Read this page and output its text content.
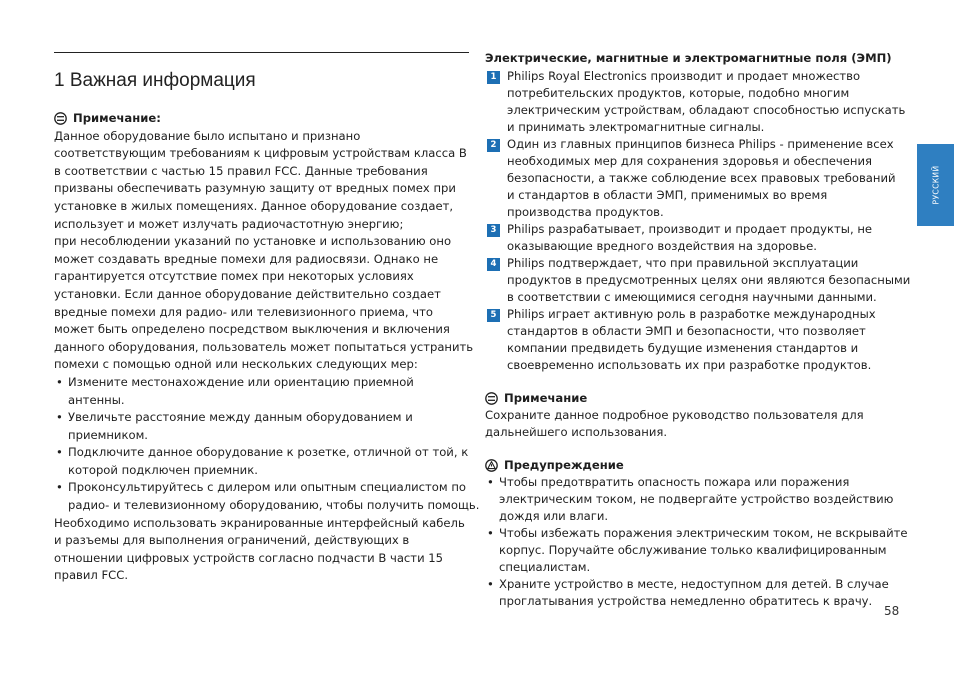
1 Важная информация
Примечание:
Данное оборудование было испытано и признано
соответствующим требованиям к цифровым устройствам класса B
в соответствии с частью 15 правил FCC. Данные требования
призваны обеспечивать разумную защиту от вредных помех при
установке в жилых помещениях. Данное оборудование создает,
использует и может излучать радиочастотную энергию;
при несоблюдении указаний по установке и использованию оно
может создавать вредные помехи для радиосвязи. Однако не
гарантируется отсутствие помех при некоторых условиях
установки. Если данное оборудование действительно создает
вредные помехи для радио- или телевизионного приема, что
может быть определено посредством выключения и включения
данного оборудования, пользователь может попытаться устранить
помехи с помощью одной или нескольких следующих мер:
• Измените местонахождение или ориентацию приемной
антенны.
• Увеличьте расстояние между данным оборудованием и
приемником.
• Подключите данное оборудование к розетке, отличной от той, к
которой подключен приемник.
• Проконсультируйтесь с дилером или опытным специалистом по
радио- и телевизионному оборудованию, чтобы получить помощь.
Необходимо использовать экранированные интерфейсный кабель
и разъемы для выполнения ограничений, действующих в
отношении цифровых устройств согласно подчасти B части 15
правил FCC.
Электрические, магнитные и электромагнитные поля (ЭМП)
1 Philips Royal Electronics производит и продает множество
потребительских продуктов, которые, подобно многим
электрическим устройствам, обладают способностью испускать
и принимать электромагнитные сигналы.
2 Один из главных принципов бизнеса Philips - применение всех
необходимых мер для сохранения здоровья и обеспечения
безопасности, а также соблюдение всех правовых требований
и стандартов в области ЭМП, применимых во время
производства продуктов.
3 Philips разрабатывает, производит и продает продукты, не
оказывающие вредного воздействия на здоровье.
4 Philips подтверждает, что при правильной эксплуатации
продуктов в предусмотренных целях они являются безопасными
в соответствии с имеющимися сегодня научными данными.
5 Philips играет активную роль в разработке международных
стандартов в области ЭМП и безопасности, что позволяет
компании предвидеть будущие изменения стандартов и
своевременно использовать их при разработке продуктов.
Примечание
Сохраните данное подробное руководство пользователя для
дальнейшего использования.
Предупреждение
• Чтобы предотвратить опасность пожара или поражения
электрическим током, не подвергайте устройство воздействию
дождя или влаги.
• Чтобы избежать поражения электрическим током, не вскрывайте
корпус. Поручайте обслуживание только квалифицированным
специалистам.
• Храните устройство в месте, недоступном для детей. В случае
проглатывания устройства немедленно обратитесь к врачу.
РУССКИЙ
58
